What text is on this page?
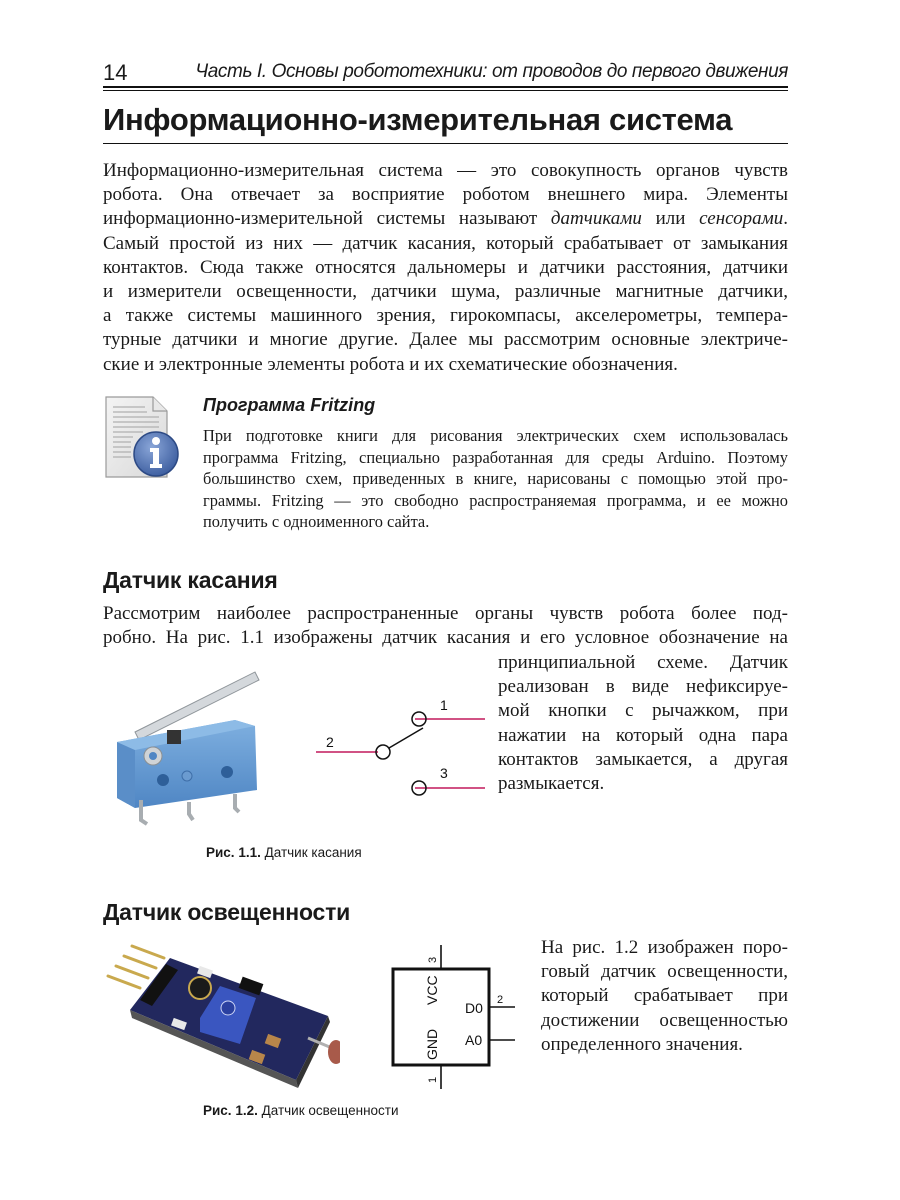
14	Часть I. Основы робототехники: от проводов до первого движения
Информационно-измерительная система
Информационно-измерительная система — это совокупность органов чувств
робота. Она отвечает за восприятие роботом внешнего мира. Элементы
информационно-измерительной системы называют датчиками или сенсорами.
Самый простой из них — датчик касания, который срабатывает от замыкания
контактов. Сюда также относятся дальномеры и датчики расстояния, датчики
и измерители освещенности, датчики шума, различные магнитные датчики,
а также системы машинного зрения, гирокомпасы, акселерометры, темпера-
турные датчики и многие другие. Далее мы рассмотрим основные электриче-
ские и электронные элементы робота и их схематические обозначения.
Программа Fritzing
При подготовке книги для рисования электрических схем использовалась
программа Fritzing, специально разработанная для среды Arduino. Поэтому
большинство схем, приведенных в книге, нарисованы с помощью этой про-
граммы. Fritzing — это свободно распространяемая программа, и ее можно
получить с одноименного сайта.
Датчик касания
Рассмотрим наиболее распространенные органы чувств робота более под-
робно. На рис. 1.1 изображены датчик касания и его условное обозначение на
принципиальной схеме. Датчик
реализован в виде нефиксируе-
мой кнопки с рычажком, при
нажатии на который одна пара
контактов замыкается, а другая
размыкается.
1
2
3
Рис. 1.1. Датчик касания
Датчик освещенности
VCC
GND
D0
A0
3
1
2
На рис. 1.2 изображен поро-
говый датчик освещенности,
который срабатывает при
достижении освещенностью
определенного значения.
Рис. 1.2. Датчик освещенности
